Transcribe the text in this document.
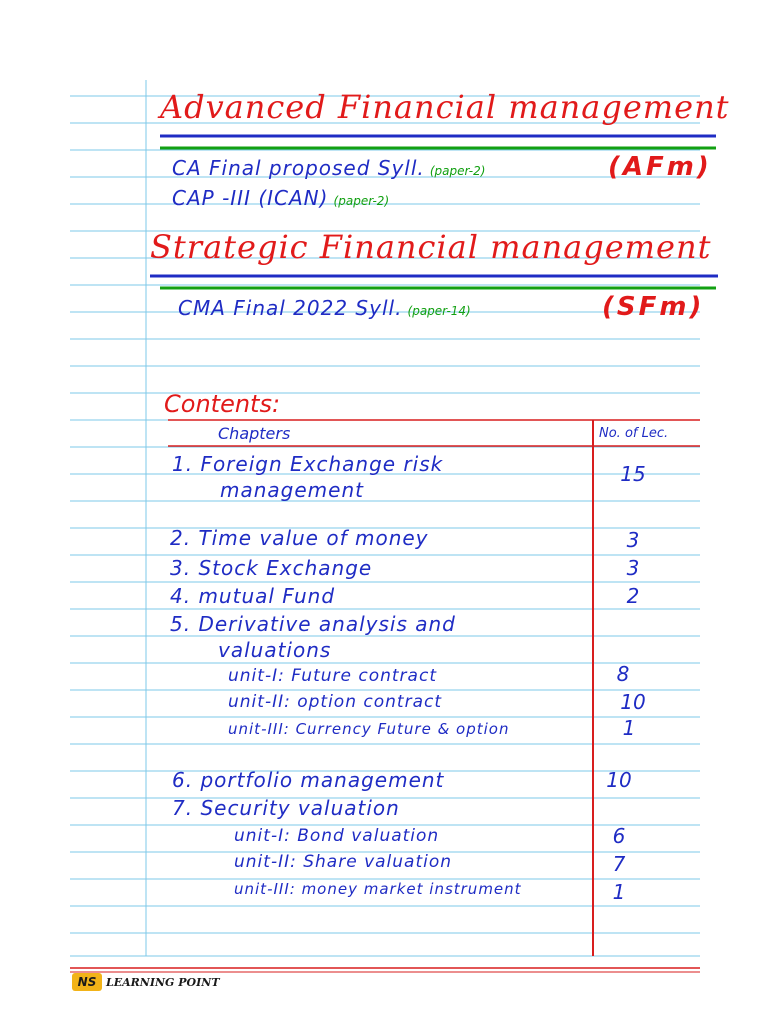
Advanced Financial management
CA Final proposed Syll. (paper-2)	(AFm)
CAP -III (ICAN) (paper-2)
Strategic Financial management
CMA Final 2022 Syll. (paper-14)	(SFm)
Contents:
Chapters	No. of Lec.
1. Foreign Exchange risk	15
management
2. Time value of money	3
3. Stock Exchange	3
4. mutual Fund	2
5. Derivative analysis and
valuations
unit-I: Future contract	8
unit-II: option contract	10
unit-III: Currency Future & option	1
6. portfolio management	10
7. Security valuation
unit-I: Bond valuation	6
unit-II: Share valuation	7
unit-III: money market instrument	1
NS LEARNING POINT
